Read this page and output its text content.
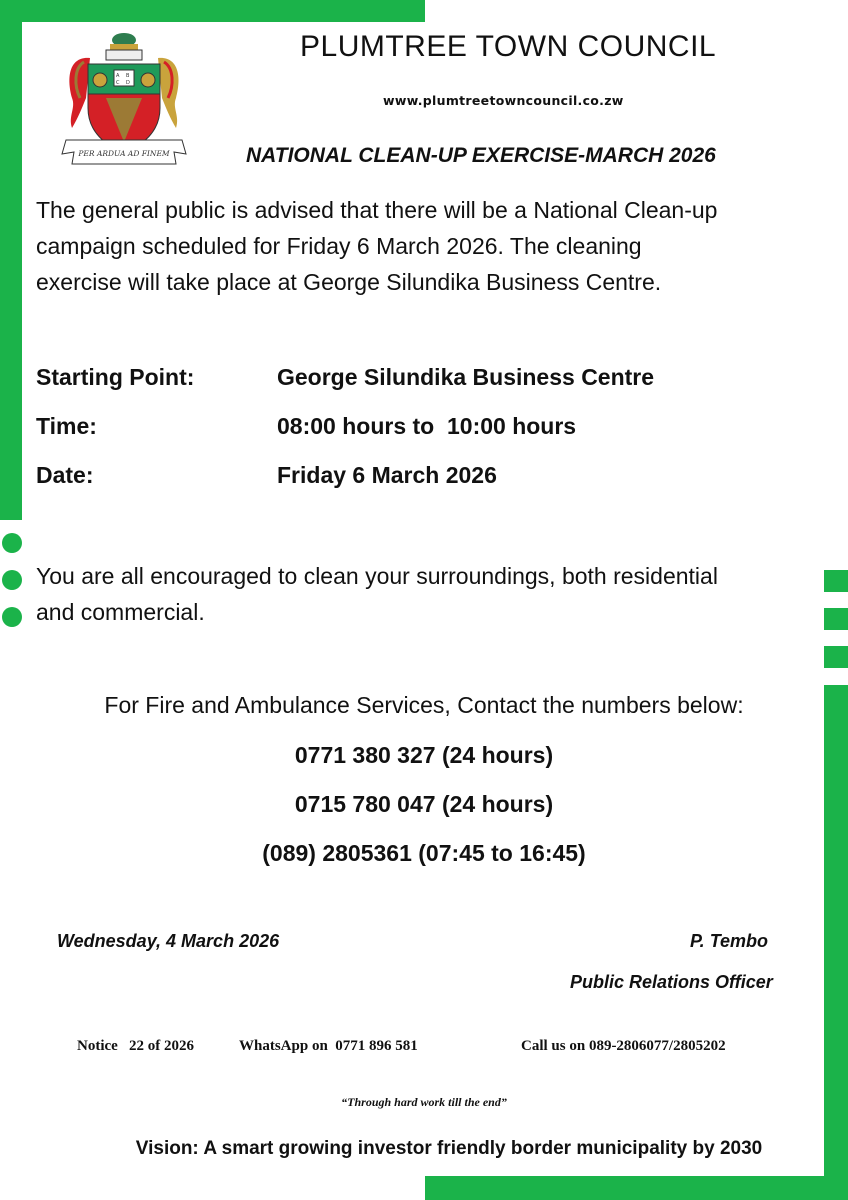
A B
C D
PER ARDUA AD FINEM
PLUMTREE TOWN COUNCIL
www.plumtreetowncouncil.co.zw
NATIONAL CLEAN-UP EXERCISE-MARCH 2026
The general public is advised that there will be a National Clean-up
campaign scheduled for Friday 6 March 2026. The cleaning
exercise will take place at George Silundika Business Centre.
Starting Point:	George Silundika Business Centre
Time:	08:00 hours to  10:00 hours
Date:	Friday 6 March 2026
You are all encouraged to clean your surroundings, both residential
and commercial.
For Fire and Ambulance Services, Contact the numbers below:
0771 380 327 (24 hours)
0715 780 047 (24 hours)
(089) 2805361 (07:45 to 16:45)
Wednesday, 4 March 2026	P. Tembo
Public Relations Officer
Notice   22 of 2026	WhatsApp on  0771 896 581	Call us on 089-2806077/2805202
“Through hard work till the end”
Vision: A smart growing investor friendly border municipality by 2030
